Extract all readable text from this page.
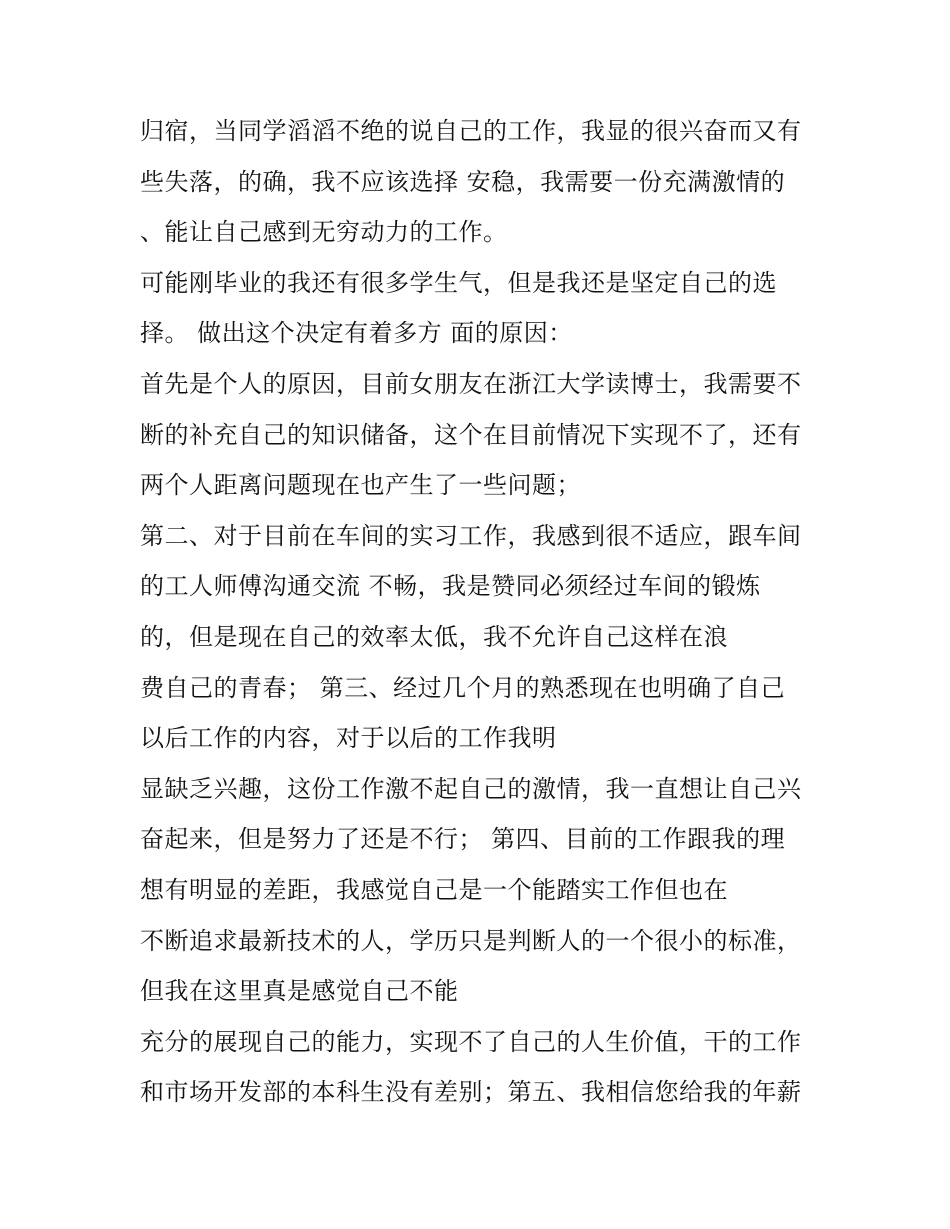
归宿，当同学滔滔不绝的说自己的工作，我显的很兴奋而又有

些失落，的确，我不应该选择 安稳，我需要一份充满激情的

、能让自己感到无穷动力的工作。

可能刚毕业的我还有很多学生气，但是我还是坚定自己的选

择。 做出这个决定有着多方 面的原因：

首先是个人的原因，目前女朋友在浙江大学读博士，我需要不

断的补充自己的知识储备，这个在目前情况下实现不了，还有

两个人距离问题现在也产生了一些问题；

第二、对于目前在车间的实习工作，我感到很不适应，跟车间

的工人师傅沟通交流 不畅，我是赞同必须经过车间的锻炼

的，但是现在自己的效率太低，我不允许自己这样在浪

费自己的青春； 第三、经过几个月的熟悉现在也明确了自己

以后工作的内容，对于以后的工作我明

显缺乏兴趣，这份工作激不起自己的激情，我一直想让自己兴

奋起来，但是努力了还是不行； 第四、目前的工作跟我的理

想有明显的差距，我感觉自己是一个能踏实工作但也在

不断追求最新技术的人，学历只是判断人的一个很小的标准，

但我在这里真是感觉自己不能

充分的展现自己的能力，实现不了自己的人生价值，干的工作

和市场开发部的本科生没有差别；第五、我相信您给我的年薪
